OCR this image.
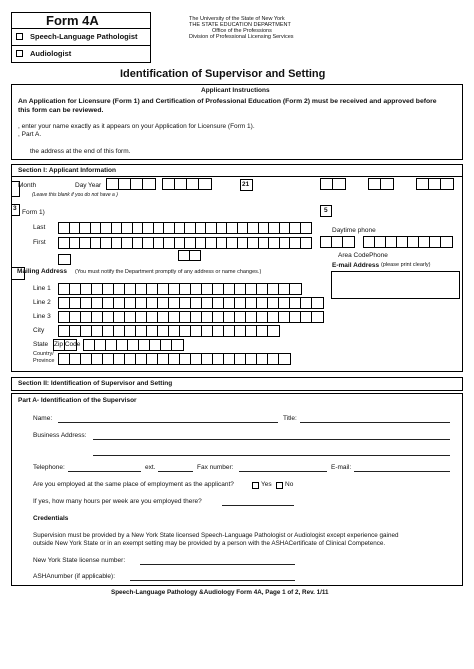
Form 4A
Speech-Language Pathologist
Audiologist
The University of the State of New York
THE STATE EDUCATION DEPARTMENT
Office of the Professions
Division of Professional Licensing Services
Identification of Supervisor and Setting
Applicant Instructions
An Application for Licensure (Form 1) and Certification of Professional Education (Form 2) must be received and approved before
this form can be reviewed.
, enter your name exactly as it appears on your Application for Licensure (Form 1).
, Part A.
the address at the end of this form.
Section I: Applicant Information
Month	Day Year
(Leave this blank if you do not have a )
21
3
Form 1)	5
Last
First
Daytime phone
Area CodePhone
E-mail Address (please print clearly)
Mailing Address (You must notify the Department promptly of any address or name changes.)
Line 1
Line 2
Line 3
City
State Zip Code
Country/
Province
Section II: Identification of Supervisor and Setting
Part A- Identification of the Supervisor
Name:	Title:
Business Address:
Telephone:	ext.	Fax number:	E-mail:
Are you employed at the same place of employment as the applicant?	Yes No
If yes, how many hours per week are you employed there?
Credentials
Supervision must be provided by a New York State licensed Speech-Language Pathologist or Audiologist except experience gained
outside New York State or in an exempt setting may be provided by a person with the ASHACertificate of Clinical Competence.
New York State license number:
ASHAnumber (if applicable):
Speech-Language Pathology &Audiology Form 4A, Page 1 of 2, Rev. 1/11
